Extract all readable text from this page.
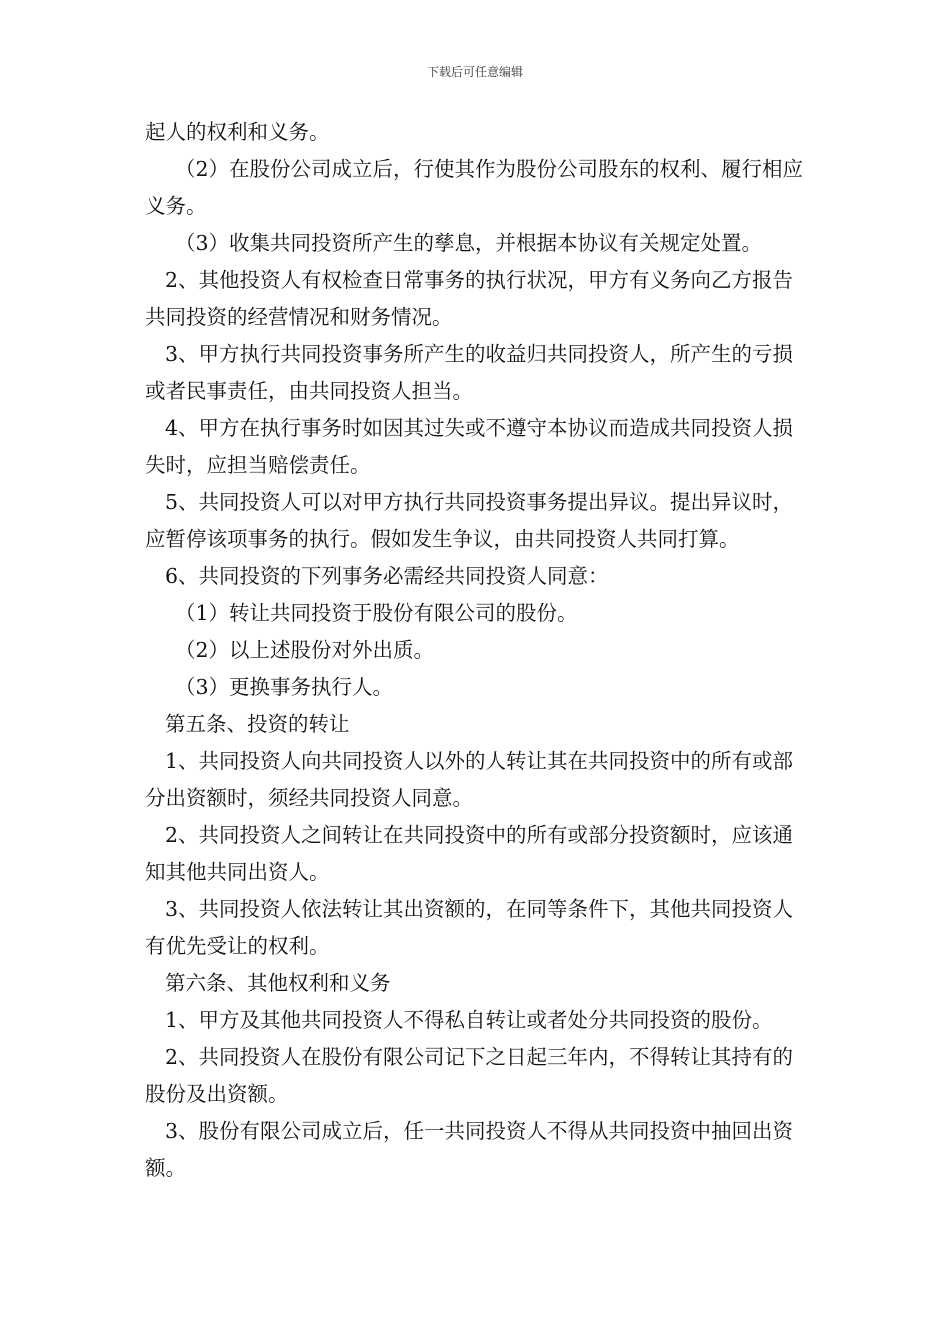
下载后可任意编辑

起人的权利和义务。

（2）在股份公司成立后，行使其作为股份公司股东的权利、履行相应义务。

（3）收集共同投资所产生的孳息，并根据本协议有关规定处置。

2、其他投资人有权检查日常事务的执行状况，甲方有义务向乙方报告共同投资的经营情况和财务情况。

3、甲方执行共同投资事务所产生的收益归共同投资人，所产生的亏损或者民事责任，由共同投资人担当。

4、甲方在执行事务时如因其过失或不遵守本协议而造成共同投资人损失时，应担当赔偿责任。

5、共同投资人可以对甲方执行共同投资事务提出异议。提出异议时，应暂停该项事务的执行。假如发生争议，由共同投资人共同打算。

6、共同投资的下列事务必需经共同投资人同意：

（1）转让共同投资于股份有限公司的股份。

（2）以上述股份对外出质。

（3）更换事务执行人。

第五条、投资的转让

1、共同投资人向共同投资人以外的人转让其在共同投资中的所有或部分出资额时，须经共同投资人同意。

2、共同投资人之间转让在共同投资中的所有或部分投资额时，应该通知其他共同出资人。

3、共同投资人依法转让其出资额的，在同等条件下，其他共同投资人有优先受让的权利。

第六条、其他权利和义务

1、甲方及其他共同投资人不得私自转让或者处分共同投资的股份。

2、共同投资人在股份有限公司记下之日起三年内，不得转让其持有的股份及出资额。

3、股份有限公司成立后，任一共同投资人不得从共同投资中抽回出资额。
